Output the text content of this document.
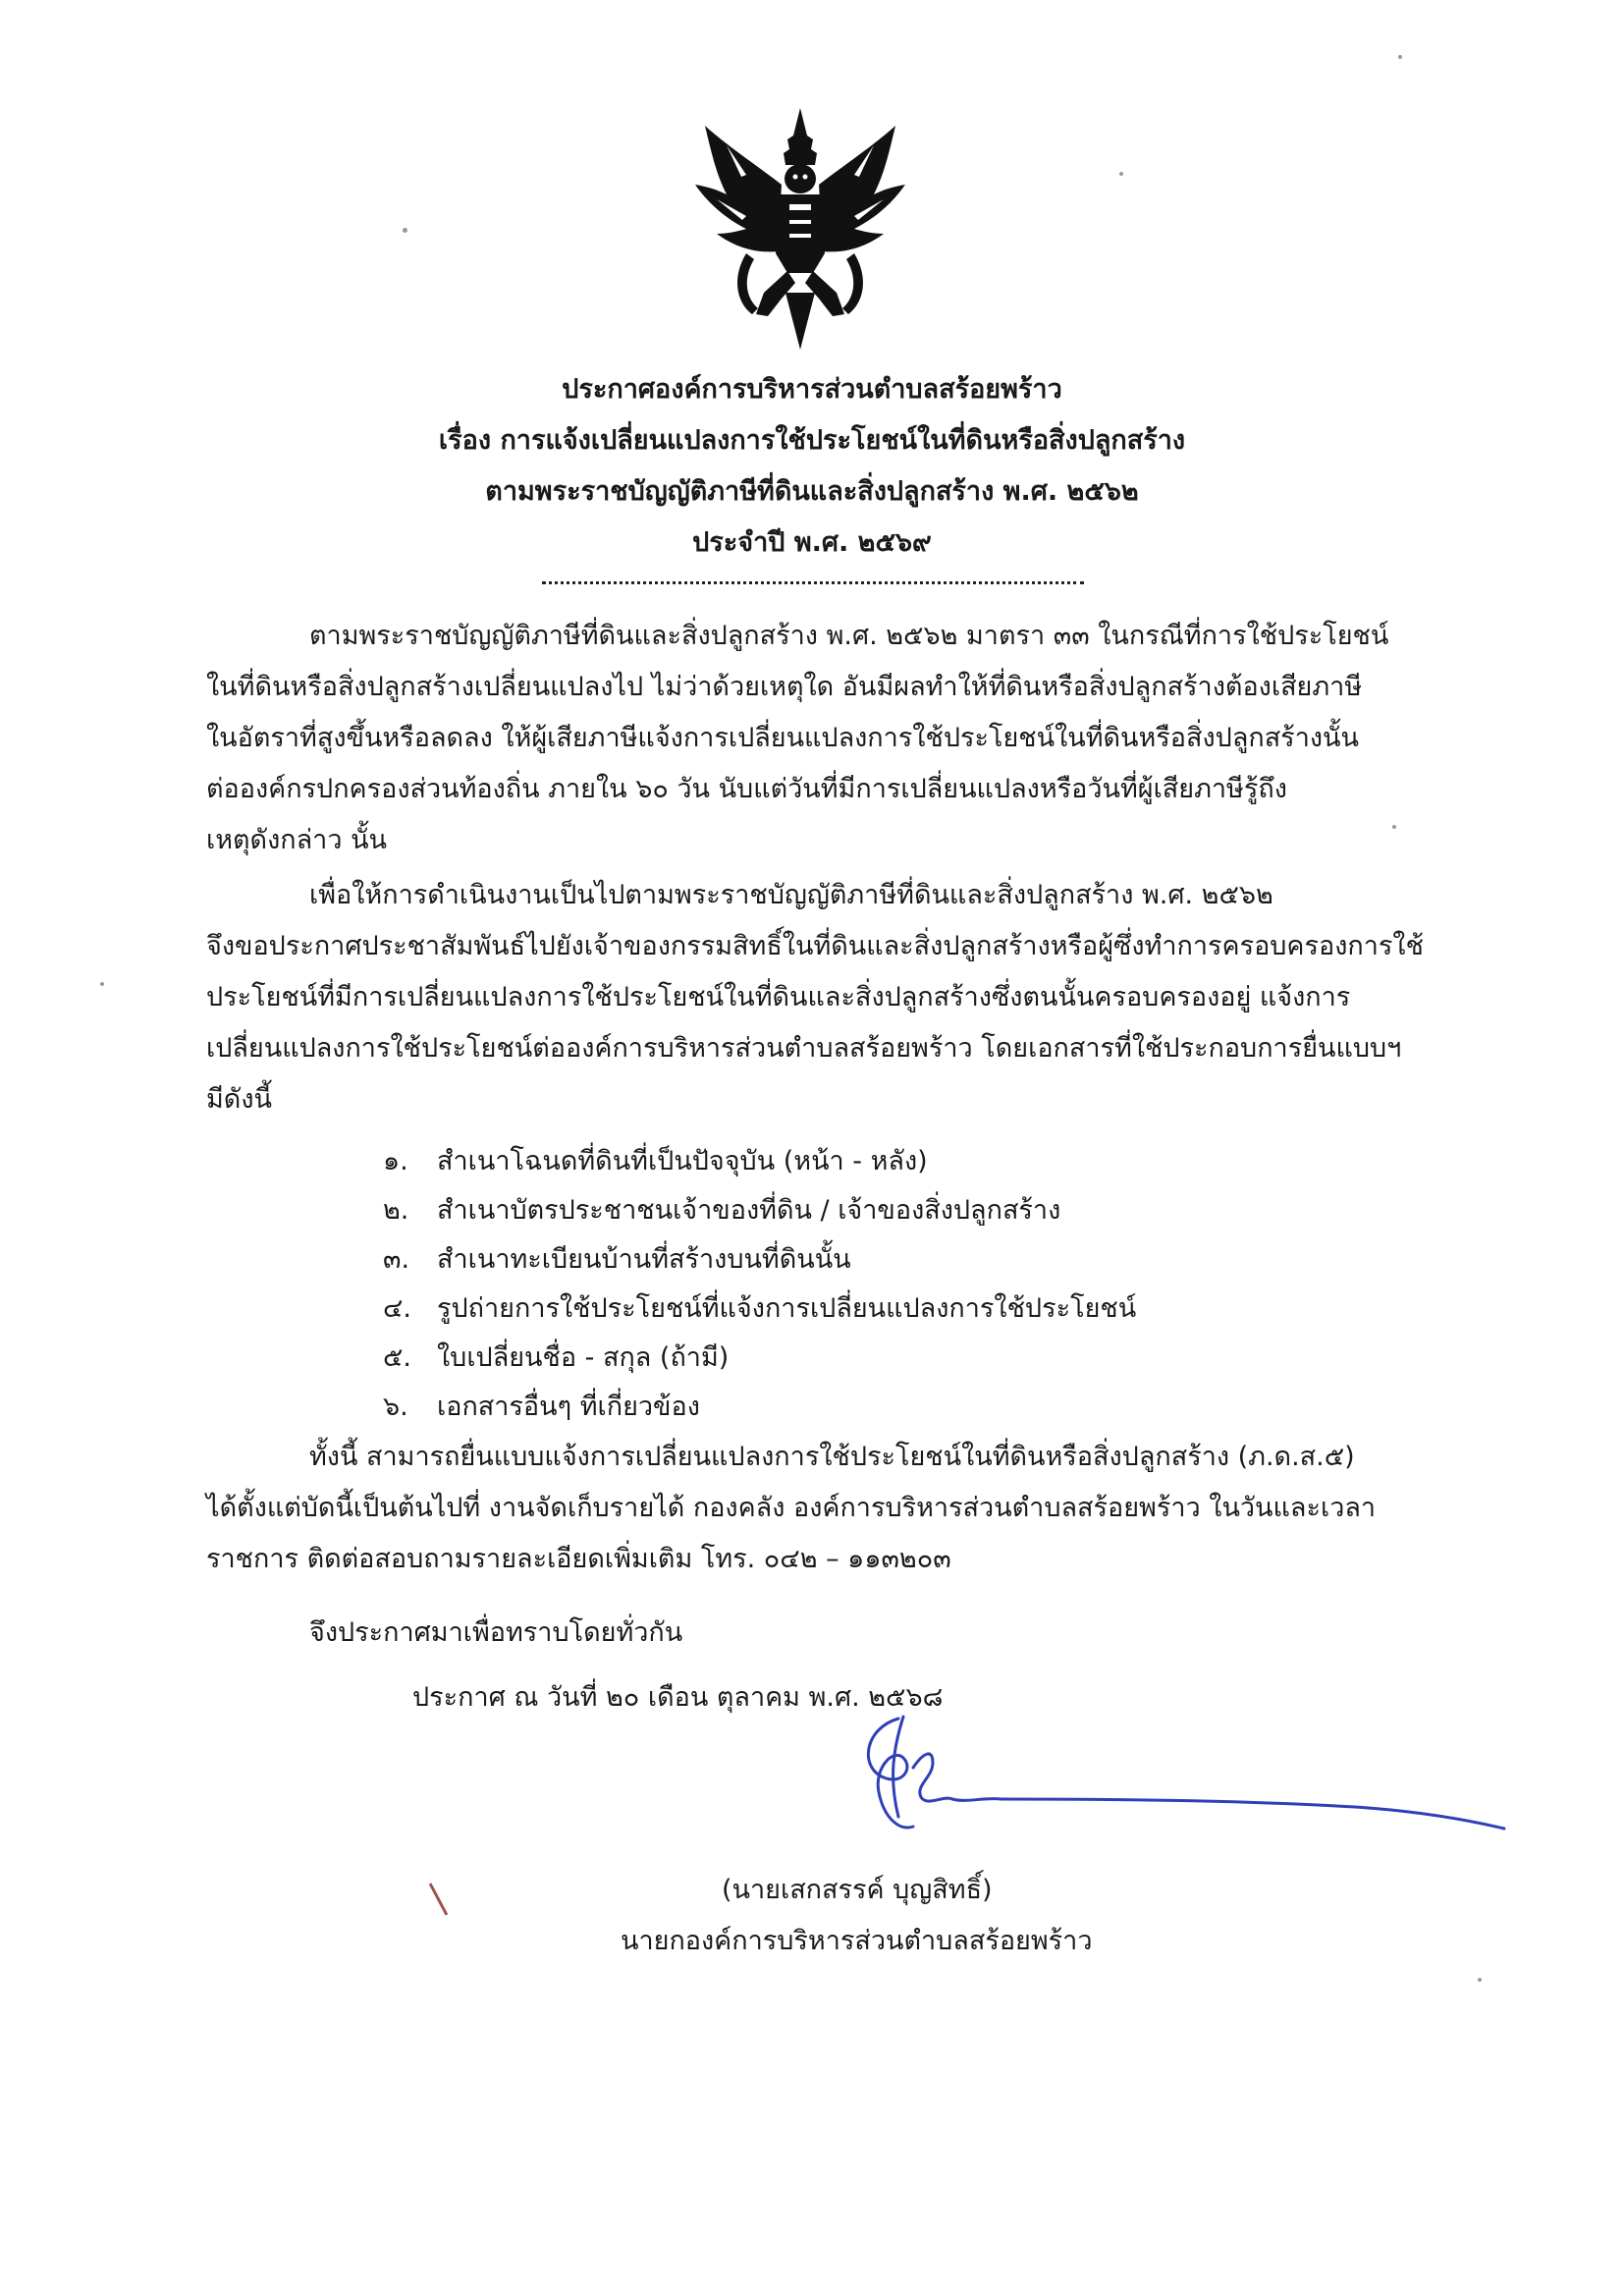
ประกาศองค์การบริหารส่วนตำบลสร้อยพร้าว
เรื่อง การแจ้งเปลี่ยนแปลงการใช้ประโยชน์ในที่ดินหรือสิ่งปลูกสร้าง
ตามพระราชบัญญัติภาษีที่ดินและสิ่งปลูกสร้าง พ.ศ. ๒๕๖๒
ประจำปี พ.ศ. ๒๕๖๙
ตามพระราชบัญญัติภาษีที่ดินและสิ่งปลูกสร้าง พ.ศ. ๒๕๖๒ มาตรา ๓๓ ในกรณีที่การใช้ประโยชน์
ในที่ดินหรือสิ่งปลูกสร้างเปลี่ยนแปลงไป ไม่ว่าด้วยเหตุใด อันมีผลทำให้ที่ดินหรือสิ่งปลูกสร้างต้องเสียภาษี
ในอัตราที่สูงขึ้นหรือลดลง ให้ผู้เสียภาษีแจ้งการเปลี่ยนแปลงการใช้ประโยชน์ในที่ดินหรือสิ่งปลูกสร้างนั้น
ต่อองค์กรปกครองส่วนท้องถิ่น ภายใน ๖๐ วัน นับแต่วันที่มีการเปลี่ยนแปลงหรือวันที่ผู้เสียภาษีรู้ถึง
เหตุดังกล่าว นั้น
เพื่อให้การดำเนินงานเป็นไปตามพระราชบัญญัติภาษีที่ดินและสิ่งปลูกสร้าง พ.ศ. ๒๕๖๒
จึงขอประกาศประชาสัมพันธ์ไปยังเจ้าของกรรมสิทธิ์ในที่ดินและสิ่งปลูกสร้างหรือผู้ซึ่งทำการครอบครองการใช้
ประโยชน์ที่มีการเปลี่ยนแปลงการใช้ประโยชน์ในที่ดินและสิ่งปลูกสร้างซึ่งตนนั้นครอบครองอยู่ แจ้งการ
เปลี่ยนแปลงการใช้ประโยชน์ต่อองค์การบริหารส่วนตำบลสร้อยพร้าว โดยเอกสารที่ใช้ประกอบการยื่นแบบฯ
มีดังนี้
๑. สำเนาโฉนดที่ดินที่เป็นปัจจุบัน (หน้า - หลัง)
๒. สำเนาบัตรประชาชนเจ้าของที่ดิน / เจ้าของสิ่งปลูกสร้าง
๓. สำเนาทะเบียนบ้านที่สร้างบนที่ดินนั้น
๔. รูปถ่ายการใช้ประโยชน์ที่แจ้งการเปลี่ยนแปลงการใช้ประโยชน์
๕. ใบเปลี่ยนชื่อ - สกุล (ถ้ามี)
๖. เอกสารอื่นๆ ที่เกี่ยวข้อง
ทั้งนี้ สามารถยื่นแบบแจ้งการเปลี่ยนแปลงการใช้ประโยชน์ในที่ดินหรือสิ่งปลูกสร้าง (ภ.ด.ส.๕)
ได้ตั้งแต่บัดนี้เป็นต้นไปที่ งานจัดเก็บรายได้ กองคลัง องค์การบริหารส่วนตำบลสร้อยพร้าว ในวันและเวลา
ราชการ ติดต่อสอบถามรายละเอียดเพิ่มเติม โทร. ๐๔๒ – ๑๑๓๒๐๓
จึงประกาศมาเพื่อทราบโดยทั่วกัน
ประกาศ ณ วันที่ ๒๐ เดือน ตุลาคม พ.ศ. ๒๕๖๘
(นายเสกสรรค์ บุญสิทธิ์)
นายกองค์การบริหารส่วนตำบลสร้อยพร้าว
